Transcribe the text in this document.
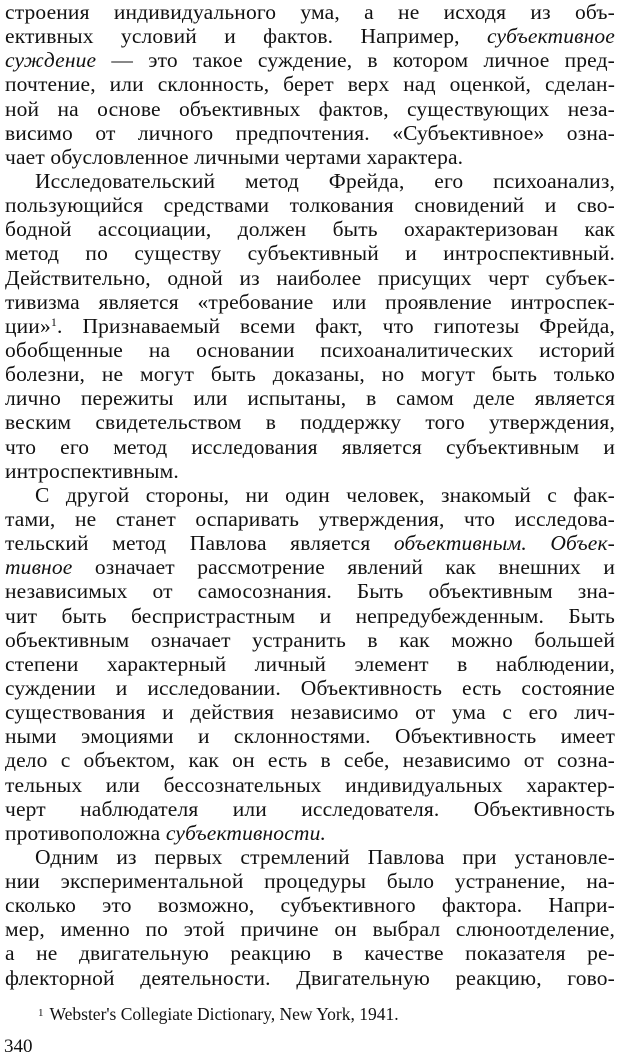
строения индивидуального ума, а не исходя из объ-
ективных условий и фактов. Например, субъективное
суждение — это такое суждение, в котором личное пред-
почтение, или склонность, берет верх над оценкой, сделан-
ной на основе объективных фактов, существующих неза-
висимо от личного предпочтения. «Субъективное» озна-
чает обусловленное личными чертами характера.
Исследовательский метод Фрейда, его психоанализ,
пользующийся средствами толкования сновидений и сво-
бодной ассоциации, должен быть охарактеризован как
метод по существу субъективный и интроспективный.
Действительно, одной из наиболее присущих черт субъек-
тивизма является «требование или проявление интроспек-
ции»$^1$. Признаваемый всеми факт, что гипотезы Фрейда,
обобщенные на основании психоаналитических историй
болезни, не могут быть доказаны, но могут быть только
лично пережиты или испытаны, в самом деле является
веским свидетельством в поддержку того утверждения,
что его метод исследования является субъективным и
интроспективным.
С другой стороны, ни один человек, знакомый с фак-
тами, не станет оспаривать утверждения, что исследова-
тельский метод Павлова является объективным. Объек-
тивное означает рассмотрение явлений как внешних и
независимых от самосознания. Быть объективным зна-
чит быть беспристрастным и непредубежденным. Быть
объективным означает устранить в как можно большей
степени характерный личный элемент в наблюдении,
суждении и исследовании. Объективность есть состояние
существования и действия независимо от ума с его лич-
ными эмоциями и склонностями. Объективность имеет
дело с объектом, как он есть в себе, независимо от созна-
тельных или бессознательных индивидуальных характер-
черт наблюдателя или исследователя. Объективность
противоположна субъективности.
Одним из первых стремлений Павлова при установле-
нии экспериментальной процедуры было устранение, на-
сколько это возможно, субъективного фактора. Напри-
мер, именно по этой причине он выбрал слюноотделение,
а не двигательную реакцию в качестве показателя ре-
флекторной деятельности. Двигательную реакцию, гово-
$^1$ Webster's Collegiate Dictionary, New York, 1941.
340
